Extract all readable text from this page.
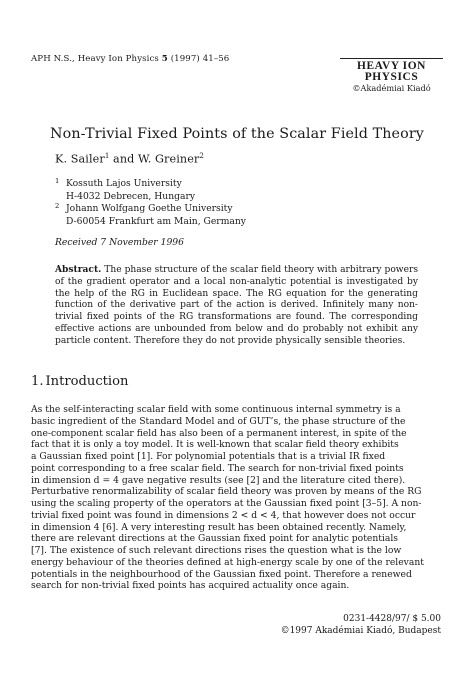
APH N.S., Heavy Ion Physics 5 (1997) 41–56
HEAVY ION
PHYSICS
©Akadémiai Kiadó
Non-Trivial Fixed Points of the Scalar Field Theory
K. Sailer$^1$ and W. Greiner$^2$
1 Kossuth Lajos University
H-4032 Debrecen, Hungary
2 Johann Wolfgang Goethe University
D-60054 Frankfurt am Main, Germany
Received 7 November 1996

Abstract. The phase structure of the scalar field theory with arbitrary powers of the gradient operator and a local non-analytic potential is investigated by the help of the RG in Euclidean space. The RG equation for the generating function of the derivative part of the action is derived. Infinitely many non-trivial fixed points of the RG transformations are found. The corresponding effective actions are unbounded from below and do probably not exhibit any particle content. Therefore they do not provide physically sensible theories.

1. Introduction
As the self-interacting scalar field with some continuous internal symmetry is a
basic ingredient of the Standard Model and of GUT’s, the phase structure of the
one-component scalar field has also been of a permanent interest, in spite of the
fact that it is only a toy model. It is well-known that scalar field theory exhibits
a Gaussian fixed point [1]. For polynomial potentials that is a trivial IR fixed
point corresponding to a free scalar field. The search for non-trivial fixed points
in dimension d = 4 gave negative results (see [2] and the literature cited there).
Perturbative renormalizability of scalar field theory was proven by means of the RG
using the scaling property of the operators at the Gaussian fixed point [3–5]. A non-
trivial fixed point was found in dimensions 2 < d < 4, that however does not occur
in dimension 4 [6]. A very interesting result has been obtained recently. Namely,
there are relevant directions at the Gaussian fixed point for analytic potentials
[7]. The existence of such relevant directions rises the question what is the low
energy behaviour of the theories defined at high-energy scale by one of the relevant
potentials in the neighbourhood of the Gaussian fixed point. Therefore a renewed
search for non-trivial fixed points has acquired actuality once again.
0231-4428/97/ $ 5.00
©1997 Akadémiai Kiadó, Budapest
